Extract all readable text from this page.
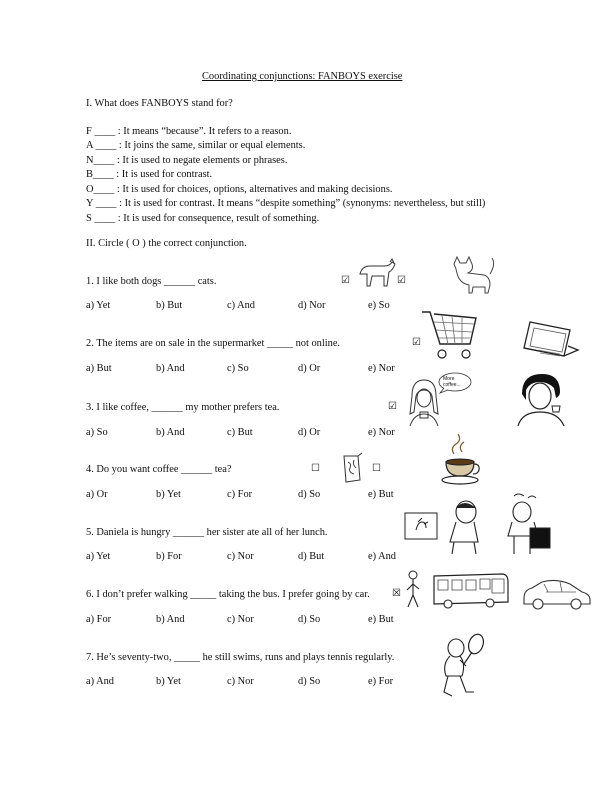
Coordinating conjunctions: FANBOYS exercise
I. What does FANBOYS stand for?
F ____ : It means “because”. It refers to a reason.
A ____ : It joins the same, similar or equal elements.
N____ : It is used to negate elements or phrases.
B____ : It is used for contrast.
O____ : It is used for choices, options, alternatives and making decisions.
Y ____ : It is used for contrast. It means “despite something” (synonyms: nevertheless, but still)
S ____ : It is used for consequence, result of something.
II. Circle ( O ) the correct conjunction.
1. I like both dogs ______ cats.
a) Yet	b) But	c) And	d) Nor	e) So
2. The items are on sale in the supermarket _____ not online.
a) But	b) And	c) So	d) Or	e) Nor
3. I like coffee, ______ my mother prefers tea.
a) So	b) And	c) But	d) Or	e) Nor
4. Do you want coffee ______ tea?
a) Or	b) Yet	c) For	d) So	e) But
5. Daniela is hungry ______ her sister ate all of her lunch.
a) Yet	b) For	c) Nor	d) But	e) And
6. I don’t prefer walking _____ taking the bus. I prefer going by car.
a) For	b) And	c) Nor	d) So	e) But
7. He’s seventy-two, _____ he still swims, runs and plays tennis regularly.
a) And	b) Yet	c) Nor	d) So	e) For
☑	☑
☑
☑
☐	☐
☒
More coffee...
